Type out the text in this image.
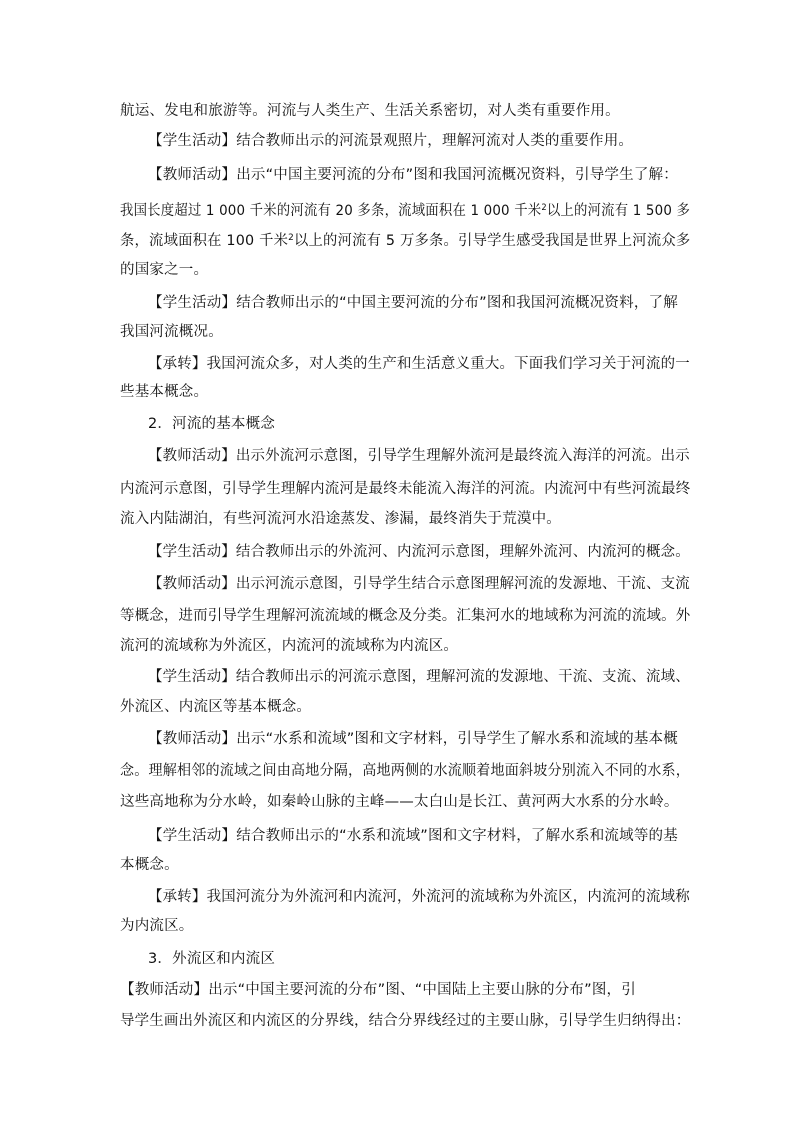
航运、发电和旅游等。河流与人类生产、生活关系密切，对人类有重要作用。
【学生活动】结合教师出示的河流景观照片，理解河流对人类的重要作用。
【教师活动】出示“中国主要河流的分布”图和我国河流概况资料，引导学生了解：
我国长度超过 1 000 千米的河流有 20 多条，流域面积在 1 000 千米$^2$以上的河流有 1 500 多
条，流域面积在 100 千米$^2$以上的河流有 5 万多条。引导学生感受我国是世界上河流众多
的国家之一。
【学生活动】结合教师出示的“中国主要河流的分布”图和我国河流概况资料，了解
我国河流概况。
【承转】我国河流众多，对人类的生产和生活意义重大。下面我们学习关于河流的一
些基本概念。
2．河流的基本概念
【教师活动】出示外流河示意图，引导学生理解外流河是最终流入海洋的河流。出示
内流河示意图，引导学生理解内流河是最终未能流入海洋的河流。内流河中有些河流最终
流入内陆湖泊，有些河流河水沿途蒸发、渗漏，最终消失于荒漠中。
【学生活动】结合教师出示的外流河、内流河示意图，理解外流河、内流河的概念。
【教师活动】出示河流示意图，引导学生结合示意图理解河流的发源地、干流、支流
等概念，进而引导学生理解河流流域的概念及分类。汇集河水的地域称为河流的流域。外
流河的流域称为外流区，内流河的流域称为内流区。
【学生活动】结合教师出示的河流示意图，理解河流的发源地、干流、支流、流域、
外流区、内流区等基本概念。
【教师活动】出示“水系和流域”图和文字材料，引导学生了解水系和流域的基本概
念。理解相邻的流域之间由高地分隔，高地两侧的水流顺着地面斜坡分别流入不同的水系，
这些高地称为分水岭，如秦岭山脉的主峰——太白山是长江、黄河两大水系的分水岭。
【学生活动】结合教师出示的“水系和流域”图和文字材料，了解水系和流域等的基
本概念。
【承转】我国河流分为外流河和内流河，外流河的流域称为外流区，内流河的流域称
为内流区。
3．外流区和内流区
【教师活动】出示“中国主要河流的分布”图、“中国陆上主要山脉的分布”图，引
导学生画出外流区和内流区的分界线，结合分界线经过的主要山脉，引导学生归纳得出：
